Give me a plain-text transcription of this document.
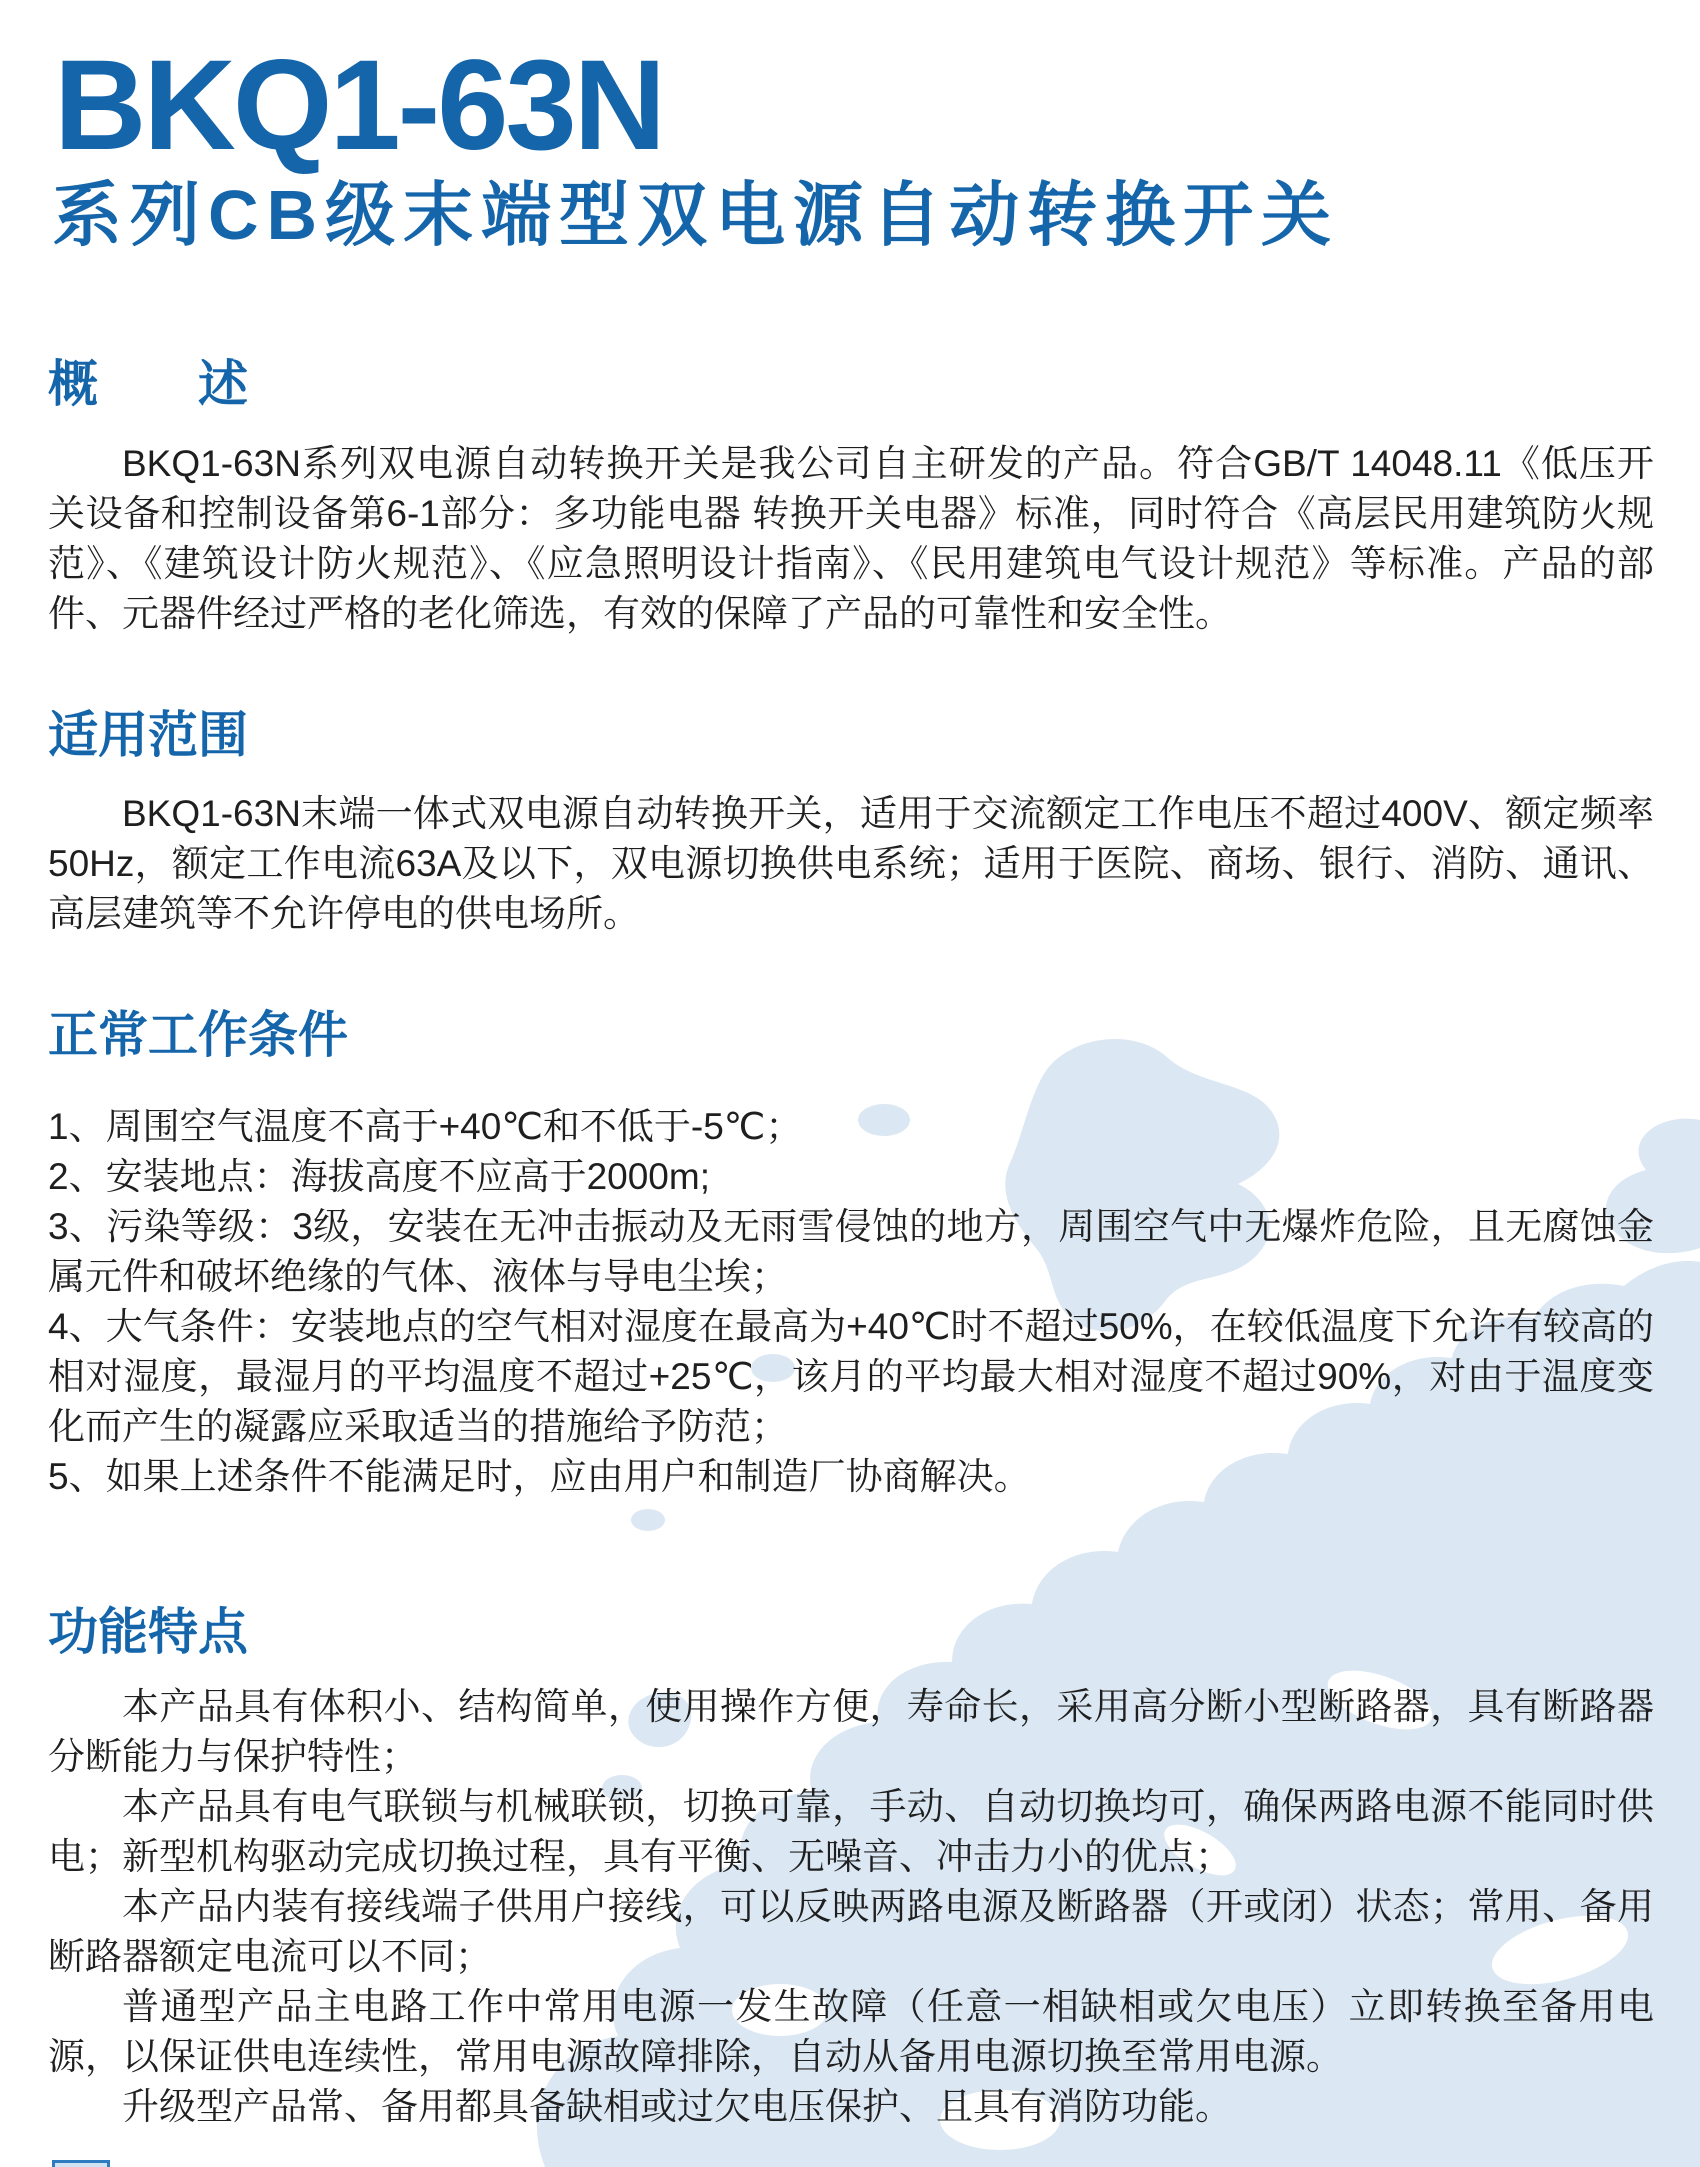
BKQ1-63N
系列CB级末端型双电源自动转换开关
概　　述

BKQ1-63N系列双电源自动转换开关是我公司自主研发的产品。符合GB/T 14048.11《低压开关设备和控制设备第6-1部分：多功能电器 转换开关电器》标准，同时符合《高层民用建筑防火规范》、《建筑设计防火规范》、《应急照明设计指南》、《民用建筑电气设计规范》等标准。产品的部件、元器件经过严格的老化筛选，有效的保障了产品的可靠性和安全性。

适用范围

BKQ1-63N末端一体式双电源自动转换开关，适用于交流额定工作电压不超过400V、额定频率50Hz，额定工作电流63A及以下，双电源切换供电系统；适用于医院、商场、银行、消防、通讯、高层建筑等不允许停电的供电场所。

正常工作条件
1、周围空气温度不高于+40℃和不低于-5℃；
2、安装地点：海拔高度不应高于2000m;
3、污染等级：3级，安装在无冲击振动及无雨雪侵蚀的地方，周围空气中无爆炸危险，且无腐蚀金属元件和破坏绝缘的气体、液体与导电尘埃；
4、大气条件：安装地点的空气相对湿度在最高为+40℃时不超过50%，在较低温度下允许有较高的相对湿度，最湿月的平均温度不超过+25℃，该月的平均最大相对湿度不超过90%，对由于温度变化而产生的凝露应采取适当的措施给予防范；
5、如果上述条件不能满足时，应由用户和制造厂协商解决。
功能特点

本产品具有体积小、结构简单，使用操作方便，寿命长，采用高分断小型断路器，具有断路器分断能力与保护特性；

本产品具有电气联锁与机械联锁，切换可靠，手动、自动切换均可，确保两路电源不能同时供电；新型机构驱动完成切换过程，具有平衡、无噪音、冲击力小的优点；

本产品内装有接线端子供用户接线，可以反映两路电源及断路器（开或闭）状态；常用、备用断路器额定电流可以不同；

普通型产品主电路工作中常用电源一发生故障（任意一相缺相或欠电压）立即转换至备用电源，以保证供电连续性，常用电源故障排除，自动从备用电源切换至常用电源。

升级型产品常、备用都具备缺相或过欠电压保护、且具有消防功能。
